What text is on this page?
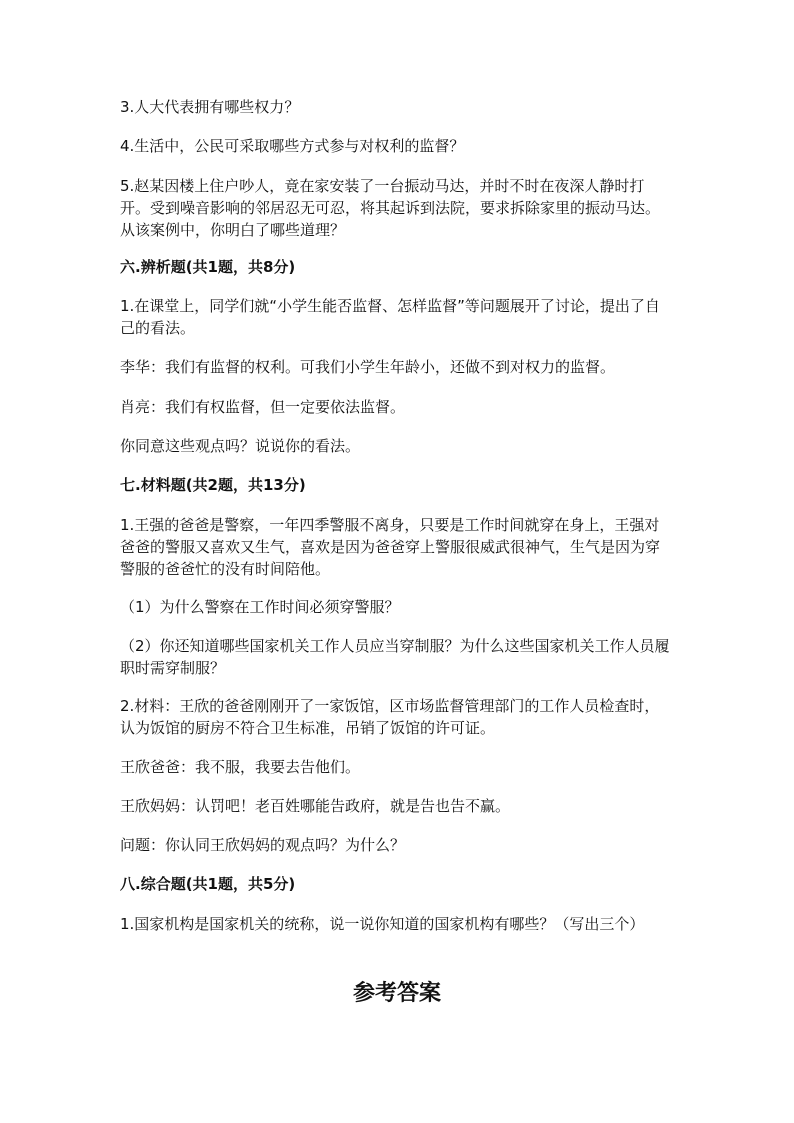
3.人大代表拥有哪些权力？

4.生活中，公民可采取哪些方式参与对权利的监督？

5.赵某因楼上住户吵人，竟在家安装了一台振动马达，并时不时在夜深人静时打开。受到噪音影响的邻居忍无可忍，将其起诉到法院，要求拆除家里的振动马达。从该案例中，你明白了哪些道理？

六.辨析题(共1题，共8分)

1.在课堂上，同学们就“小学生能否监督、怎样监督”等问题展开了讨论，提出了自己的看法。

李华：我们有监督的权利。可我们小学生年龄小，还做不到对权力的监督。

肖亮：我们有权监督，但一定要依法监督。

你同意这些观点吗？说说你的看法。

七.材料题(共2题，共13分)

1.王强的爸爸是警察，一年四季警服不离身，只要是工作时间就穿在身上，王强对爸爸的警服又喜欢又生气，喜欢是因为爸爸穿上警服很威武很神气，生气是因为穿警服的爸爸忙的没有时间陪他。

（1）为什么警察在工作时间必须穿警服？

（2）你还知道哪些国家机关工作人员应当穿制服？为什么这些国家机关工作人员履职时需穿制服？

2.材料：王欣的爸爸刚刚开了一家饭馆，区市场监督管理部门的工作人员检查时，认为饭馆的厨房不符合卫生标准，吊销了饭馆的许可证。

王欣爸爸：我不服，我要去告他们。

王欣妈妈：认罚吧！老百姓哪能告政府，就是告也告不赢。

问题：你认同王欣妈妈的观点吗？为什么？

八.综合题(共1题，共5分)

1.国家机构是国家机关的统称，说一说你知道的国家机构有哪些？（写出三个）

参考答案
